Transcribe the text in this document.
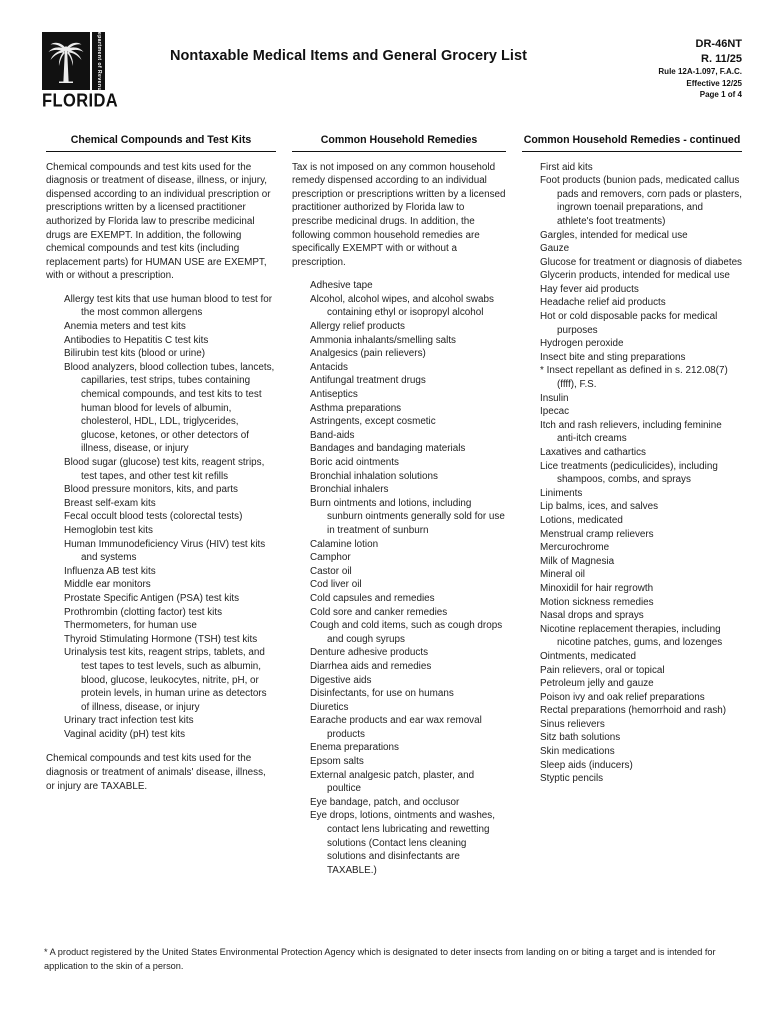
Department of Revenue
FLORIDA
Nontaxable Medical Items and General Grocery List
DR-46NT
R. 11/25
Rule 12A-1.097, F.A.C.
Effective 12/25
Page 1 of 4
Chemical Compounds and Test Kits
Chemical compounds and test kits used for the diagnosis or treatment of disease, illness, or injury, dispensed according to an individual prescription or prescriptions written by a licensed practitioner authorized by Florida law to prescribe medicinal drugs are EXEMPT. In addition, the following chemical compounds and test kits (including replacement parts) for HUMAN USE are EXEMPT, with or without a prescription.
Allergy test kits that use human blood to test for the most common allergens
Anemia meters and test kits
Antibodies to Hepatitis C test kits
Bilirubin test kits (blood or urine)
Blood analyzers, blood collection tubes, lancets, capillaries, test strips, tubes containing chemical compounds, and test kits to test human blood for levels of albumin, cholesterol, HDL, LDL, triglycerides, glucose, ketones, or other detectors of illness, disease, or injury
Blood sugar (glucose) test kits, reagent strips, test tapes, and other test kit refills
Blood pressure monitors, kits, and parts
Breast self-exam kits
Fecal occult blood tests (colorectal tests)
Hemoglobin test kits
Human Immunodeficiency Virus (HIV) test kits and systems
Influenza AB test kits
Middle ear monitors
Prostate Specific Antigen (PSA) test kits
Prothrombin (clotting factor) test kits
Thermometers, for human use
Thyroid Stimulating Hormone (TSH) test kits
Urinalysis test kits, reagent strips, tablets, and test tapes to test levels, such as albumin, blood, glucose, leukocytes, nitrite, pH, or protein levels, in human urine as detectors of illness, disease, or injury
Urinary tract infection test kits
Vaginal acidity (pH) test kits
Chemical compounds and test kits used for the diagnosis or treatment of animals' disease, illness, or injury are TAXABLE.
Common Household Remedies
Tax is not imposed on any common household remedy dispensed according to an individual prescription or prescriptions written by a licensed practitioner authorized by Florida law to prescribe medicinal drugs. In addition, the following common household remedies are specifically EXEMPT with or without a prescription.
Adhesive tape
Alcohol, alcohol wipes, and alcohol swabs containing ethyl or isopropyl alcohol
Allergy relief products
Ammonia inhalants/smelling salts
Analgesics (pain relievers)
Antacids
Antifungal treatment drugs
Antiseptics
Asthma preparations
Astringents, except cosmetic
Band-aids
Bandages and bandaging materials
Boric acid ointments
Bronchial inhalation solutions
Bronchial inhalers
Burn ointments and lotions, including sunburn ointments generally sold for use in treatment of sunburn
Calamine lotion
Camphor
Castor oil
Cod liver oil
Cold capsules and remedies
Cold sore and canker remedies
Cough and cold items, such as cough drops and cough syrups
Denture adhesive products
Diarrhea aids and remedies
Digestive aids
Disinfectants, for use on humans
Diuretics
Earache products and ear wax removal products
Enema preparations
Epsom salts
External analgesic patch, plaster, and poultice
Eye bandage, patch, and occlusor
Eye drops, lotions, ointments and washes, contact lens lubricating and rewetting solutions (Contact lens cleaning solutions and disinfectants are TAXABLE.)
Common Household Remedies - continued
First aid kits
Foot products (bunion pads, medicated callus pads and removers, corn pads or plasters, ingrown toenail preparations, and athlete's foot treatments)
Gargles, intended for medical use
Gauze
Glucose for treatment or diagnosis of diabetes
Glycerin products, intended for medical use
Hay fever aid products
Headache relief aid products
Hot or cold disposable packs for medical purposes
Hydrogen peroxide
Insect bite and sting preparations
* Insect repellant as defined in s. 212.08(7)(ffff), F.S.
Insulin
Ipecac
Itch and rash relievers, including feminine anti-itch creams
Laxatives and cathartics
Lice treatments (pediculicides), including shampoos, combs, and sprays
Liniments
Lip balms, ices, and salves
Lotions, medicated
Menstrual cramp relievers
Mercurochrome
Milk of Magnesia
Mineral oil
Minoxidil for hair regrowth
Motion sickness remedies
Nasal drops and sprays
Nicotine replacement therapies, including nicotine patches, gums, and lozenges
Ointments, medicated
Pain relievers, oral or topical
Petroleum jelly and gauze
Poison ivy and oak relief preparations
Rectal preparations (hemorrhoid and rash)
Sinus relievers
Sitz bath solutions
Skin medications
Sleep aids (inducers)
Styptic pencils

* A product registered by the United States Environmental Protection Agency which is designated to deter insects from landing on or biting a target and is intended for application to the skin of a person.
